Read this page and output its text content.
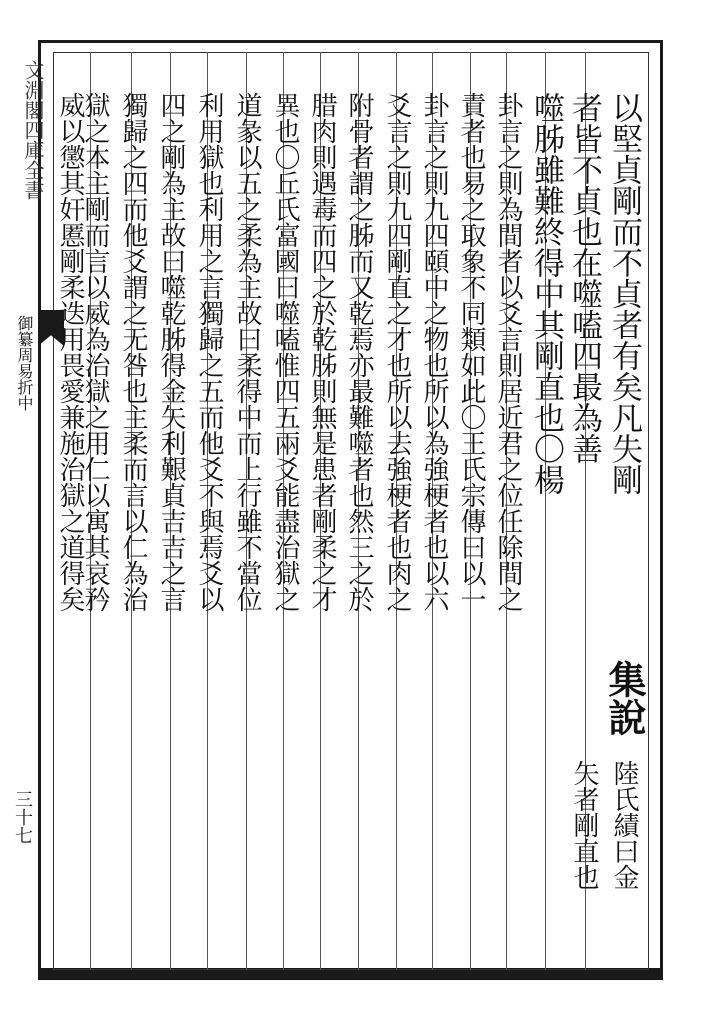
文淵閣四庫全書
御纂周易折中
三十七
以堅貞剛而不貞者有矣凡失剛
者皆不貞也在噬嗑四最為善
噬胏雖難終得中其剛直也〇楊
卦言之則為間者以爻言則居近君之位任除間之
責者也易之取象不同類如此〇王氏宗傳曰以一
卦言之則九四頤中之物也所以為強梗者也以六
爻言之則九四剛直之才也所以去強梗者也肉之
附骨者謂之胏而又乾焉亦最難噬者也然三之於
腊肉則遇毒而四之於乾胏則無是患者剛柔之才
異也〇丘氏富國曰噬嗑惟四五兩爻能盡治獄之
道彖以五之柔為主故曰柔得中而上行雖不當位
利用獄也利用之言獨歸之五而他爻不與焉爻以
四之剛為主故曰噬乾胏得金矢利艱貞吉吉之言
獨歸之四而他爻謂之无咎也主柔而言以仁為治
獄之本主剛而言以威為治獄之用仁以寓其哀矜
威以懲其奸慝剛柔迭用畏愛兼施治獄之道得矣
集說
陸氏績曰金
矢者剛直也
